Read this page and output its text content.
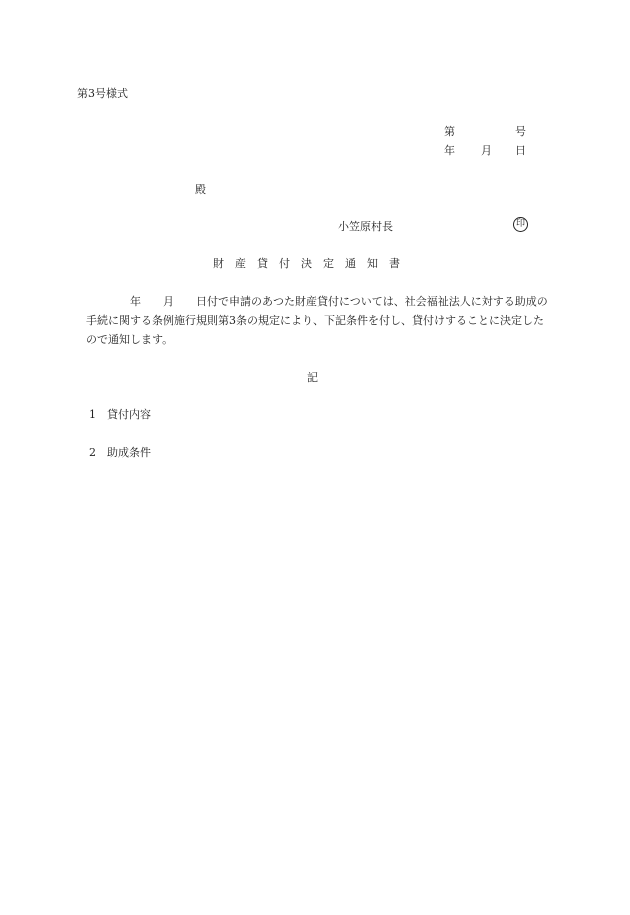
第3号様式
第	号
年 月 日
殿
小笠原村長	印
財産貸付決定通知書
　　　　年　　月　　日付で申請のあつた財産貸付については、社会福祉法人に対する助成の手続に関する条例施行規則第3条の規定により、下記条件を付し、貸付けすることに決定したので通知します。
記
1 貸付内容
2 助成条件
